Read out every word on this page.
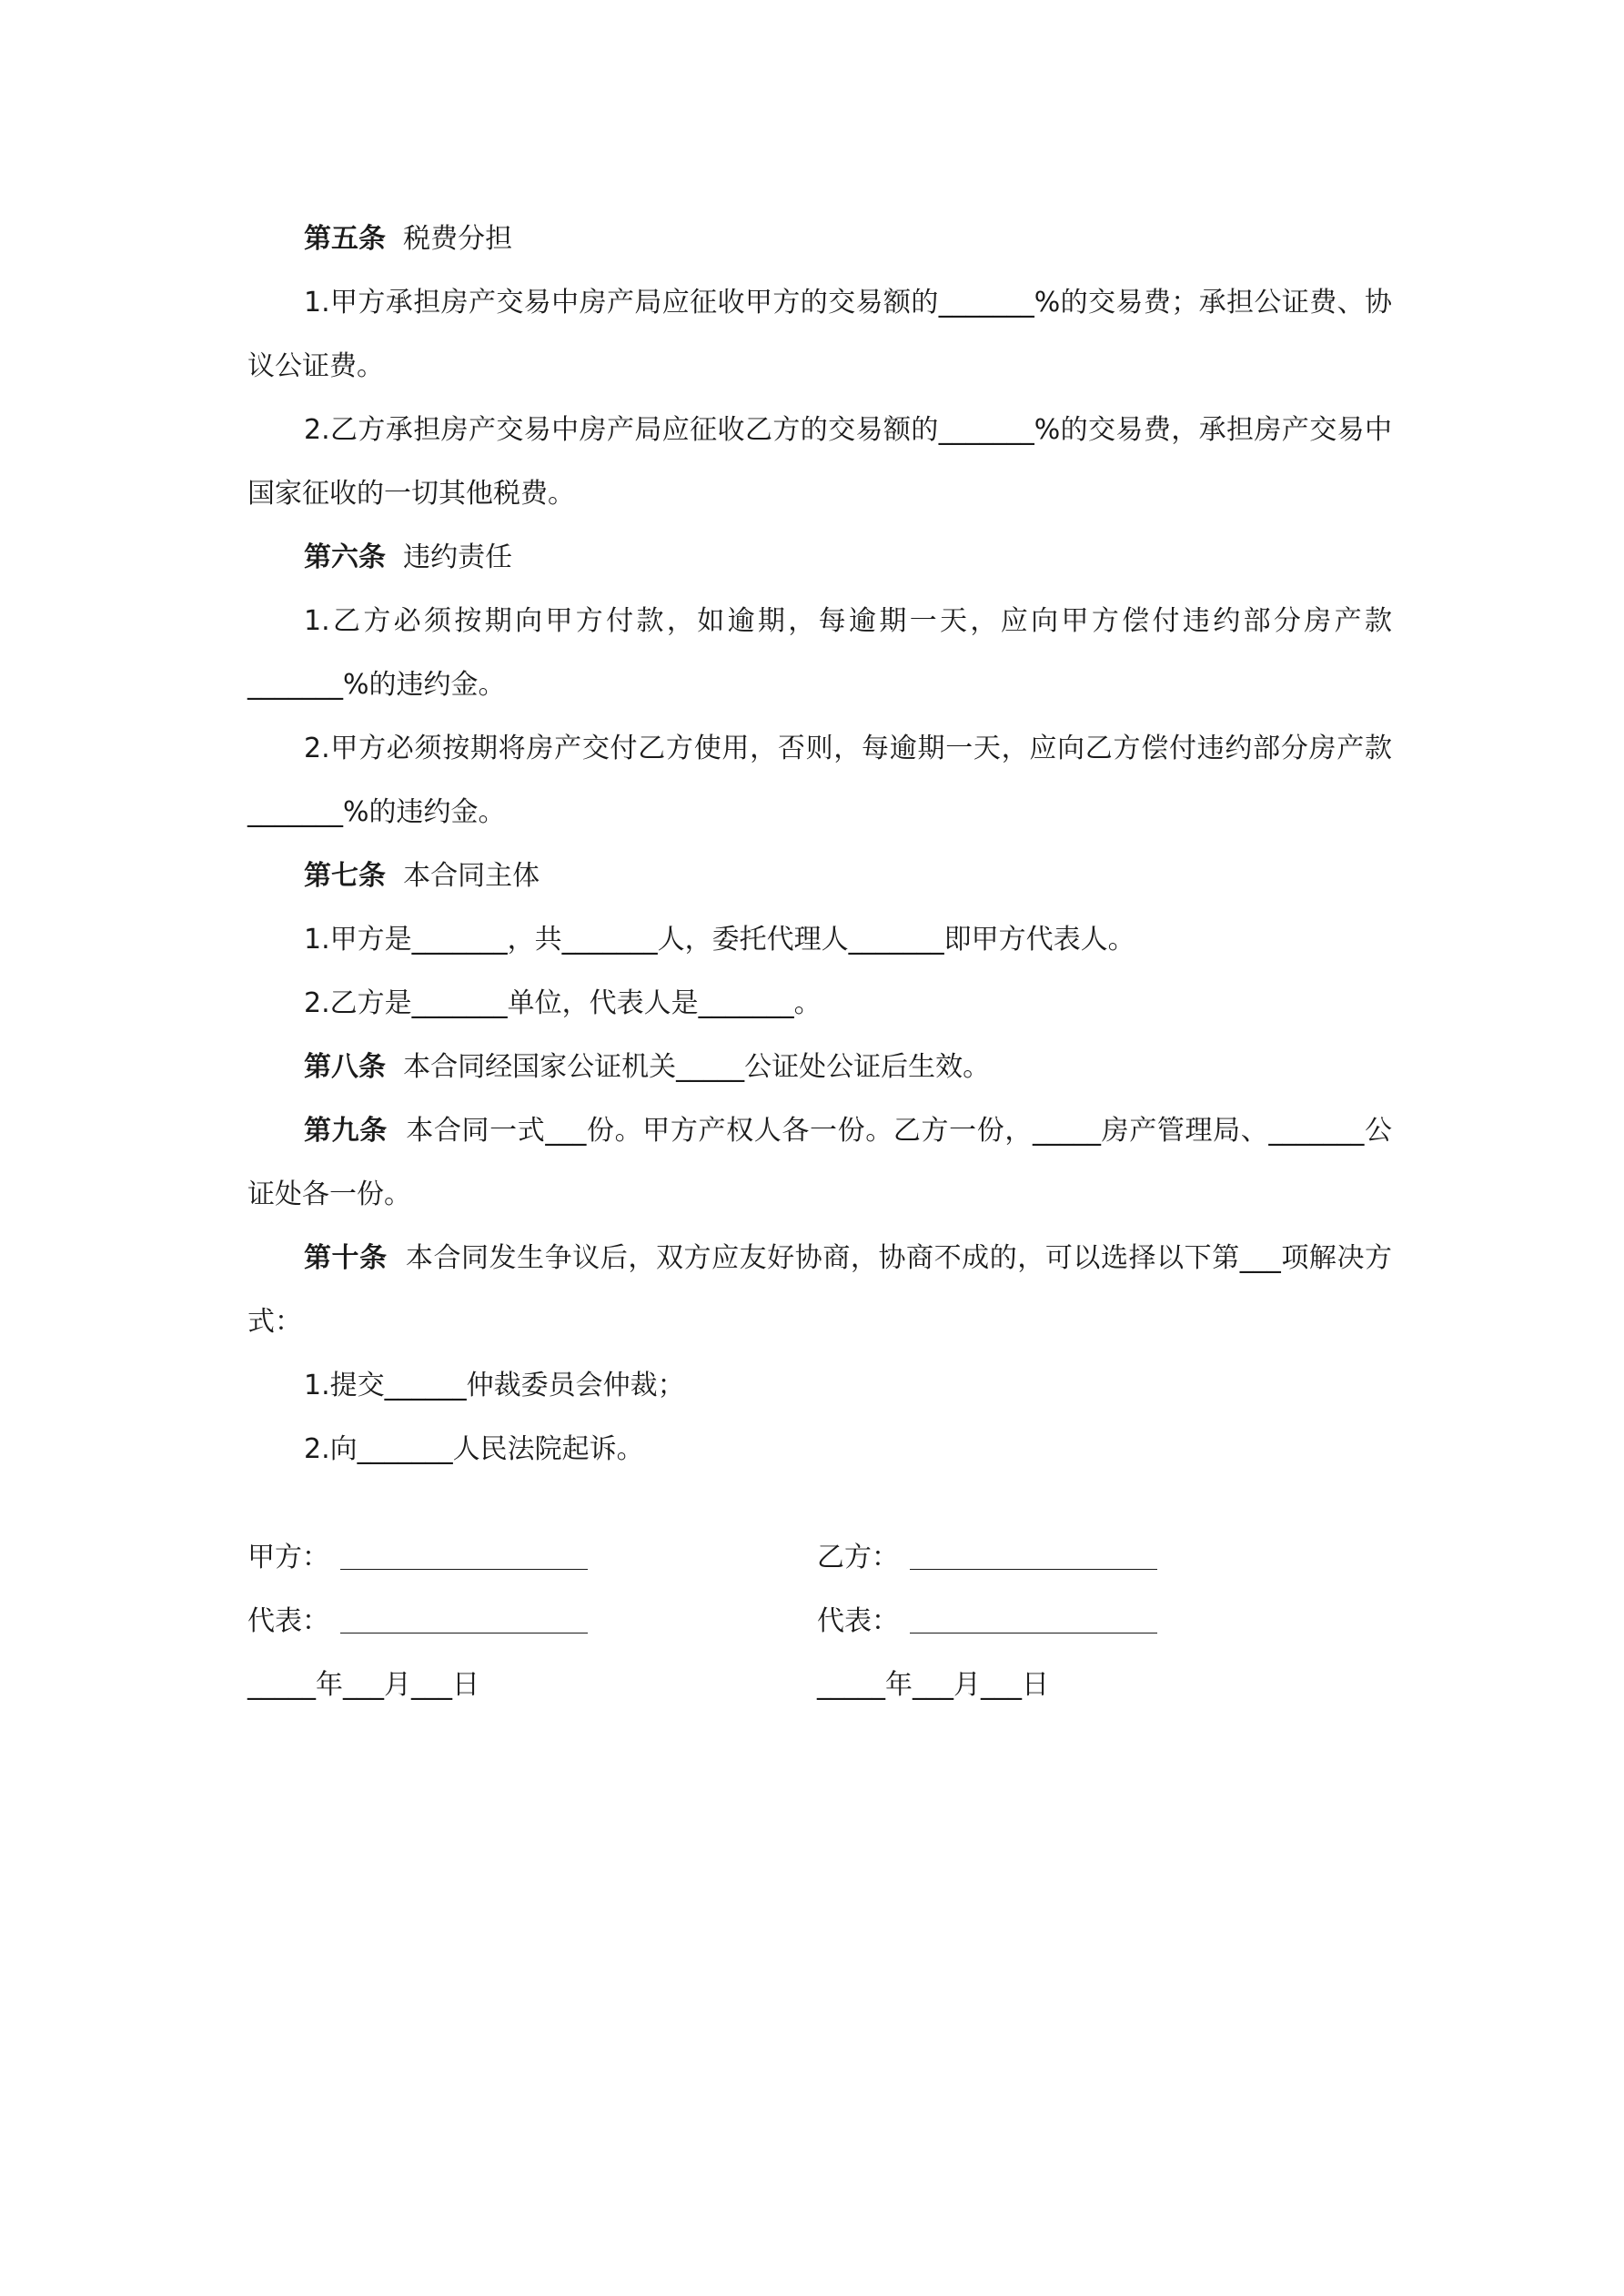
第五条 税费分担

1.甲方承担房产交易中房产局应征收甲方的交易额的_______%的交易费；承担公证费、协议公证费。

2.乙方承担房产交易中房产局应征收乙方的交易额的_______%的交易费，承担房产交易中国家征收的一切其他税费。

第六条 违约责任

1.乙方必须按期向甲方付款，如逾期，每逾期一天，应向甲方偿付违约部分房产款_______%的违约金。

2.甲方必须按期将房产交付乙方使用，否则，每逾期一天，应向乙方偿付违约部分房产款_______%的违约金。

第七条 本合同主体

1.甲方是_______，共_______人，委托代理人_______即甲方代表人。

2.乙方是_______单位，代表人是_______。

第八条 本合同经国家公证机关_____公证处公证后生效。

第九条 本合同一式___份。甲方产权人各一份。乙方一份，_____房产管理局、_______公证处各一份。

第十条 本合同发生争议后，双方应友好协商，协商不成的，可以选择以下第___项解决方式：

1.提交______仲裁委员会仲裁；

2.向_______人民法院起诉。

甲方：	乙方：
代表：	代表：
_____年___月___日	_____年___月___日
